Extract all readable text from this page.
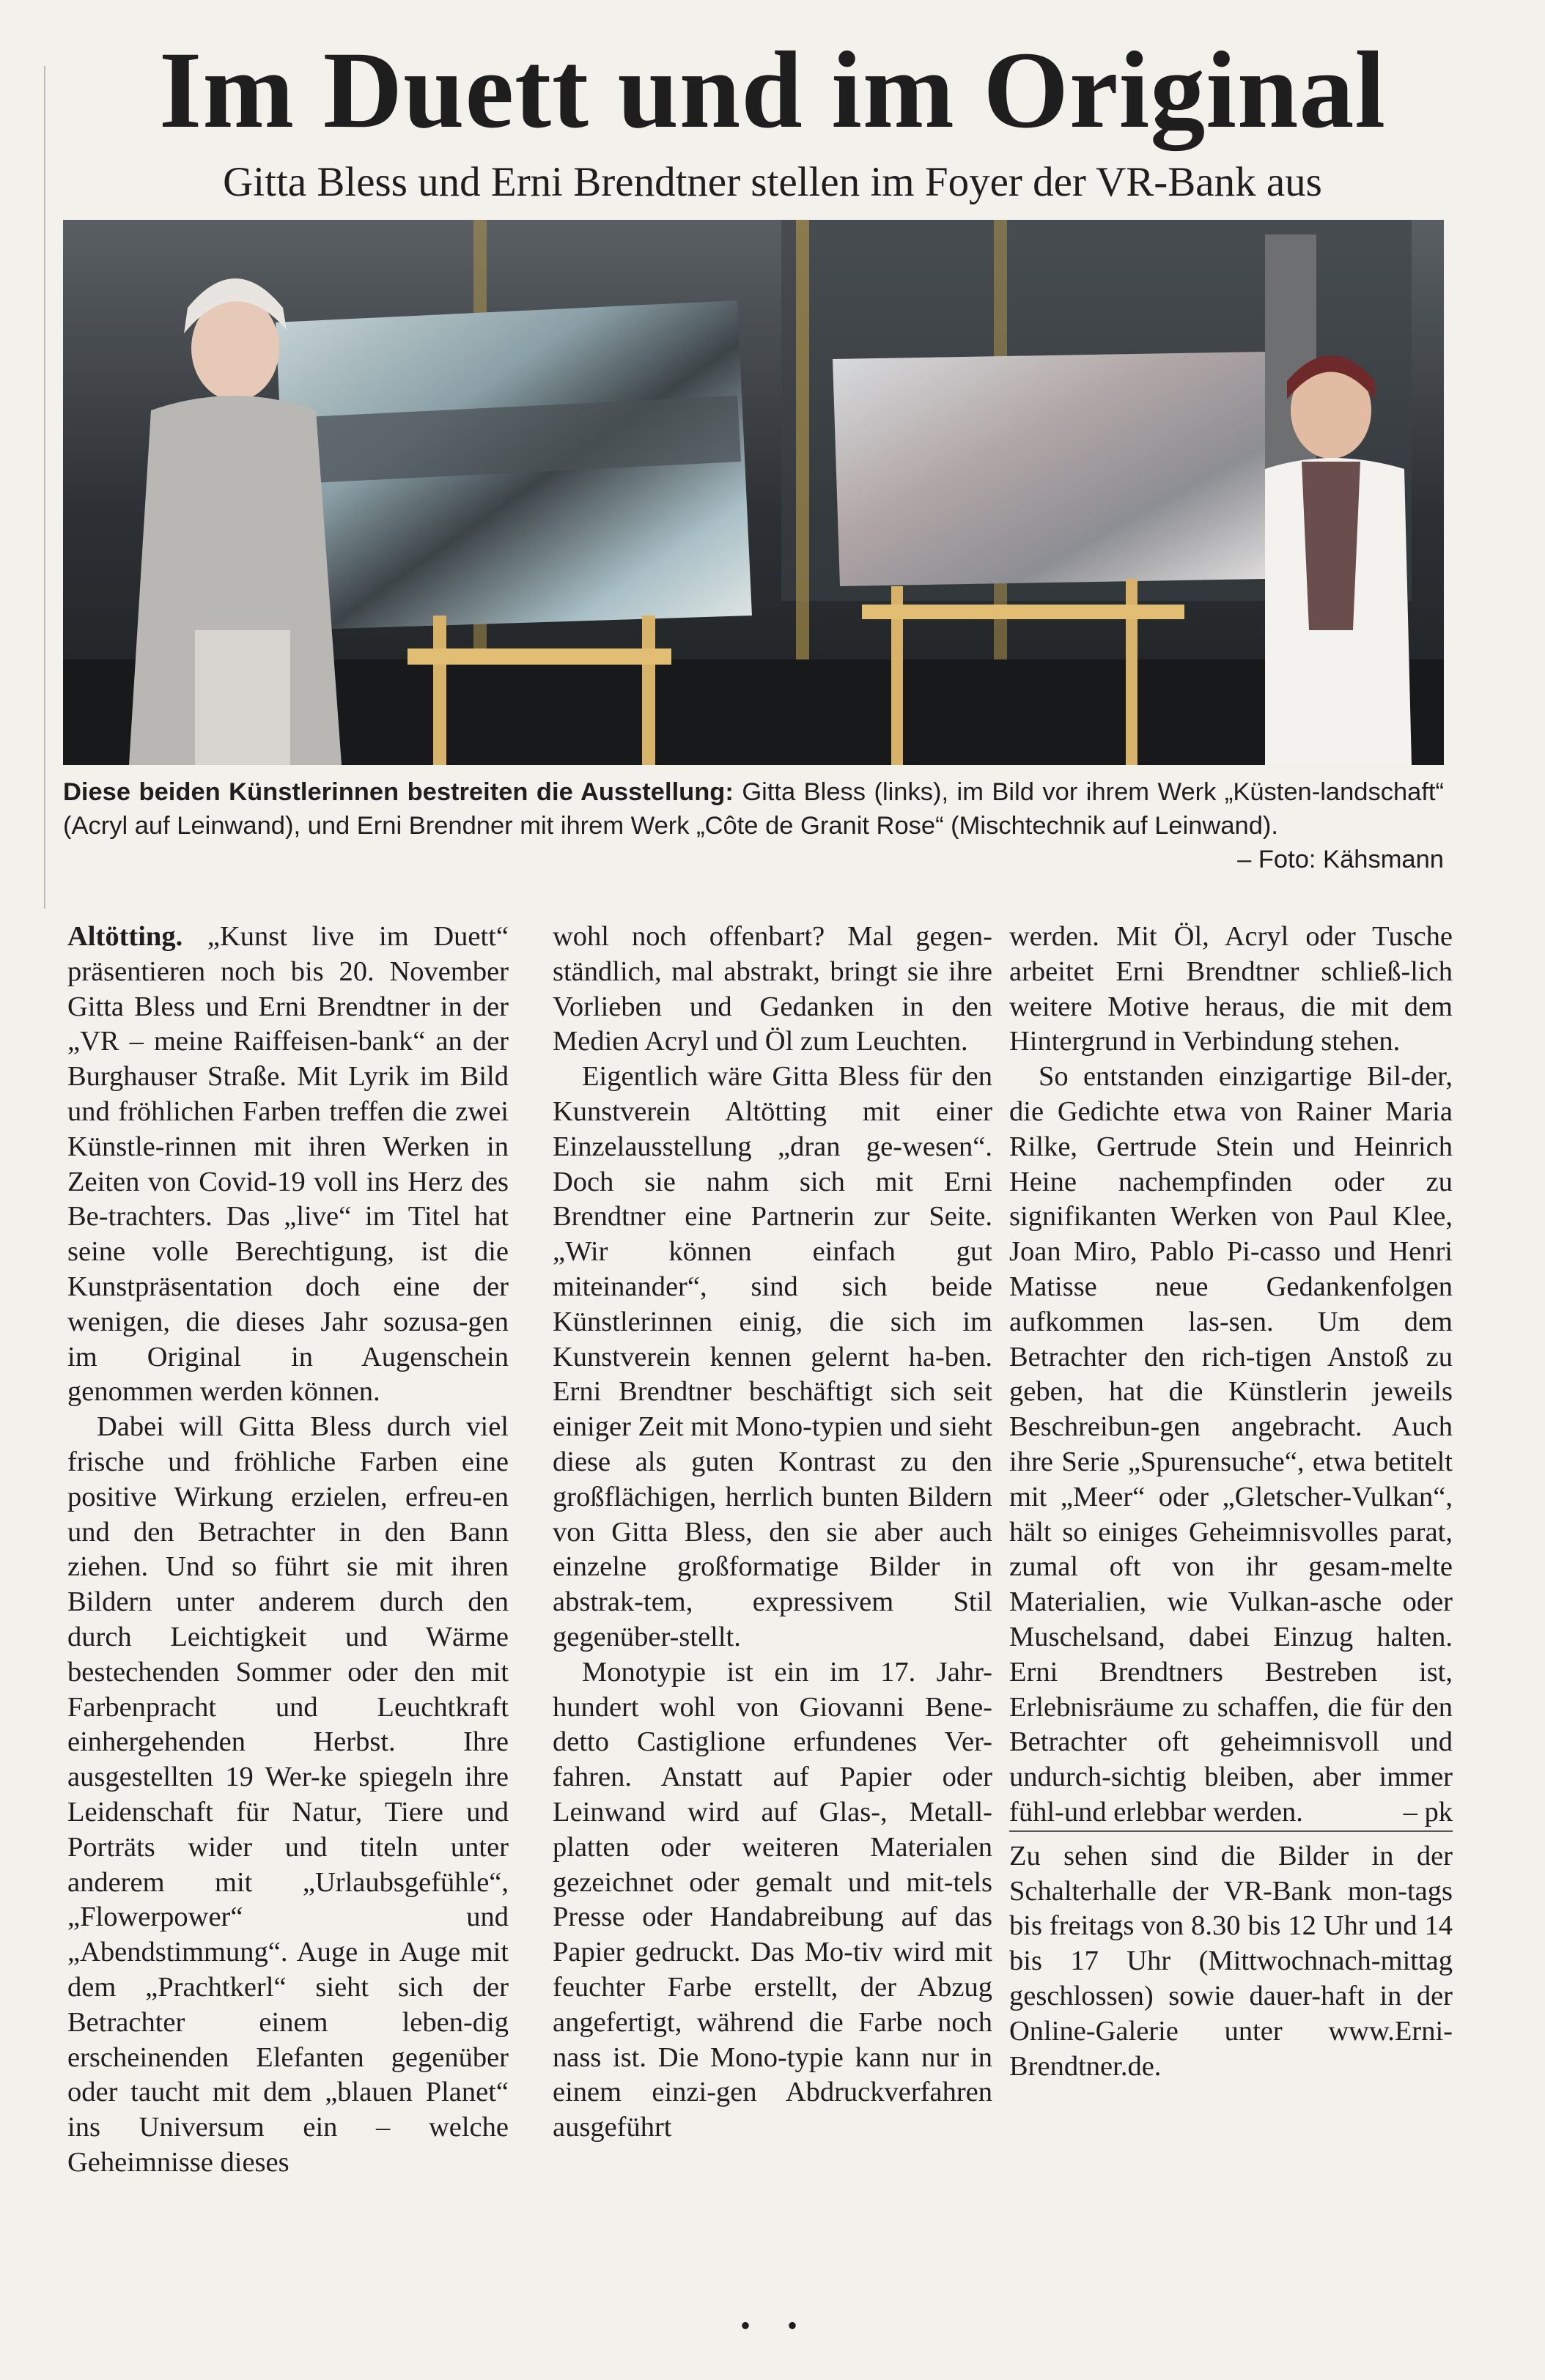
Im Duett und im Original
Gitta Bless und Erni Brendtner stellen im Foyer der VR-Bank aus
Diese beiden Künstlerinnen bestreiten die Ausstellung: Gitta Bless (links), im Bild vor ihrem Werk „Küsten-landschaft“ (Acryl auf Leinwand), und Erni Brendner mit ihrem Werk „Côte de Granit Rose“ (Mischtechnik auf Leinwand).
– Foto: Kähsmann

Altötting. „Kunst live im Duett“ präsentieren noch bis 20. November Gitta Bless und Erni Brendtner in der „VR – meine Raiffeisen-bank“ an der Burghauser Straße. Mit Lyrik im Bild und fröhlichen Farben treffen die zwei Künstle-rinnen mit ihren Werken in Zeiten von Covid-19 voll ins Herz des Be-trachters. Das „live“ im Titel hat seine volle Berechtigung, ist die Kunstpräsentation doch eine der wenigen, die dieses Jahr sozusa-gen im Original in Augenschein genommen werden können.

Dabei will Gitta Bless durch viel frische und fröhliche Farben eine positive Wirkung erzielen, erfreu-en und den Betrachter in den Bann ziehen. Und so führt sie mit ihren Bildern unter anderem durch den durch Leichtigkeit und Wärme bestechenden Sommer oder den mit Farbenpracht und Leuchtkraft einhergehenden Herbst. Ihre ausgestellten 19 Wer-ke spiegeln ihre Leidenschaft für Natur, Tiere und Porträts wider und titeln unter anderem mit „Urlaubsgefühle“, „Flowerpower“ und „Abendstimmung“. Auge in Auge mit dem „Prachtkerl“ sieht sich der Betrachter einem leben-dig erscheinenden Elefanten gegenüber oder taucht mit dem „blauen Planet“ ins Universum ein – welche Geheimnisse dieses

wohl noch offenbart? Mal gegen-ständlich, mal abstrakt, bringt sie ihre Vorlieben und Gedanken in den Medien Acryl und Öl zum Leuchten.

Eigentlich wäre Gitta Bless für den Kunstverein Altötting mit einer Einzelausstellung „dran ge-wesen“. Doch sie nahm sich mit Erni Brendtner eine Partnerin zur Seite. „Wir können einfach gut miteinander“, sind sich beide Künstlerinnen einig, die sich im Kunstverein kennen gelernt ha-ben. Erni Brendtner beschäftigt sich seit einiger Zeit mit Mono-typien und sieht diese als guten Kontrast zu den großflächigen, herrlich bunten Bildern von Gitta Bless, den sie aber auch einzelne großformatige Bilder in abstrak-tem, expressivem Stil gegenüber-stellt.

Monotypie ist ein im 17. Jahr-hundert wohl von Giovanni Bene-detto Castiglione erfundenes Ver-fahren. Anstatt auf Papier oder Leinwand wird auf Glas-, Metall-platten oder weiteren Materialen gezeichnet oder gemalt und mit-tels Presse oder Handabreibung auf das Papier gedruckt. Das Mo-tiv wird mit feuchter Farbe erstellt, der Abzug angefertigt, während die Farbe noch nass ist. Die Mono-typie kann nur in einem einzi-gen Abdruckverfahren ausgeführt

werden. Mit Öl, Acryl oder Tusche arbeitet Erni Brendtner schließ-lich weitere Motive heraus, die mit dem Hintergrund in Verbindung stehen.

So entstanden einzigartige Bil-der, die Gedichte etwa von Rainer Maria Rilke, Gertrude Stein und Heinrich Heine nachempfinden oder zu signifikanten Werken von Paul Klee, Joan Miro, Pablo Pi-casso und Henri Matisse neue Gedankenfolgen aufkommen las-sen. Um dem Betrachter den rich-tigen Anstoß zu geben, hat die Künstlerin jeweils Beschreibun-gen angebracht. Auch ihre Serie „Spurensuche“, etwa betitelt mit „Meer“ oder „Gletscher-Vulkan“, hält so einiges Geheimnisvolles parat, zumal oft von ihr gesam-melte Materialien, wie Vulkan-asche oder Muschelsand, dabei Einzug halten. Erni Brendtners Bestreben ist, Erlebnisräume zu schaffen, die für den Betrachter oft geheimnisvoll und undurch-sichtig bleiben, aber immer fühl-und erlebbar werden.	– pk

Zu sehen sind die Bilder in der Schalterhalle der VR-Bank mon-tags bis freitags von 8.30 bis 12 Uhr und 14 bis 17 Uhr (Mittwochnach-mittag geschlossen) sowie dauer-haft in der Online-Galerie unter www.Erni-Brendtner.de.

• •
